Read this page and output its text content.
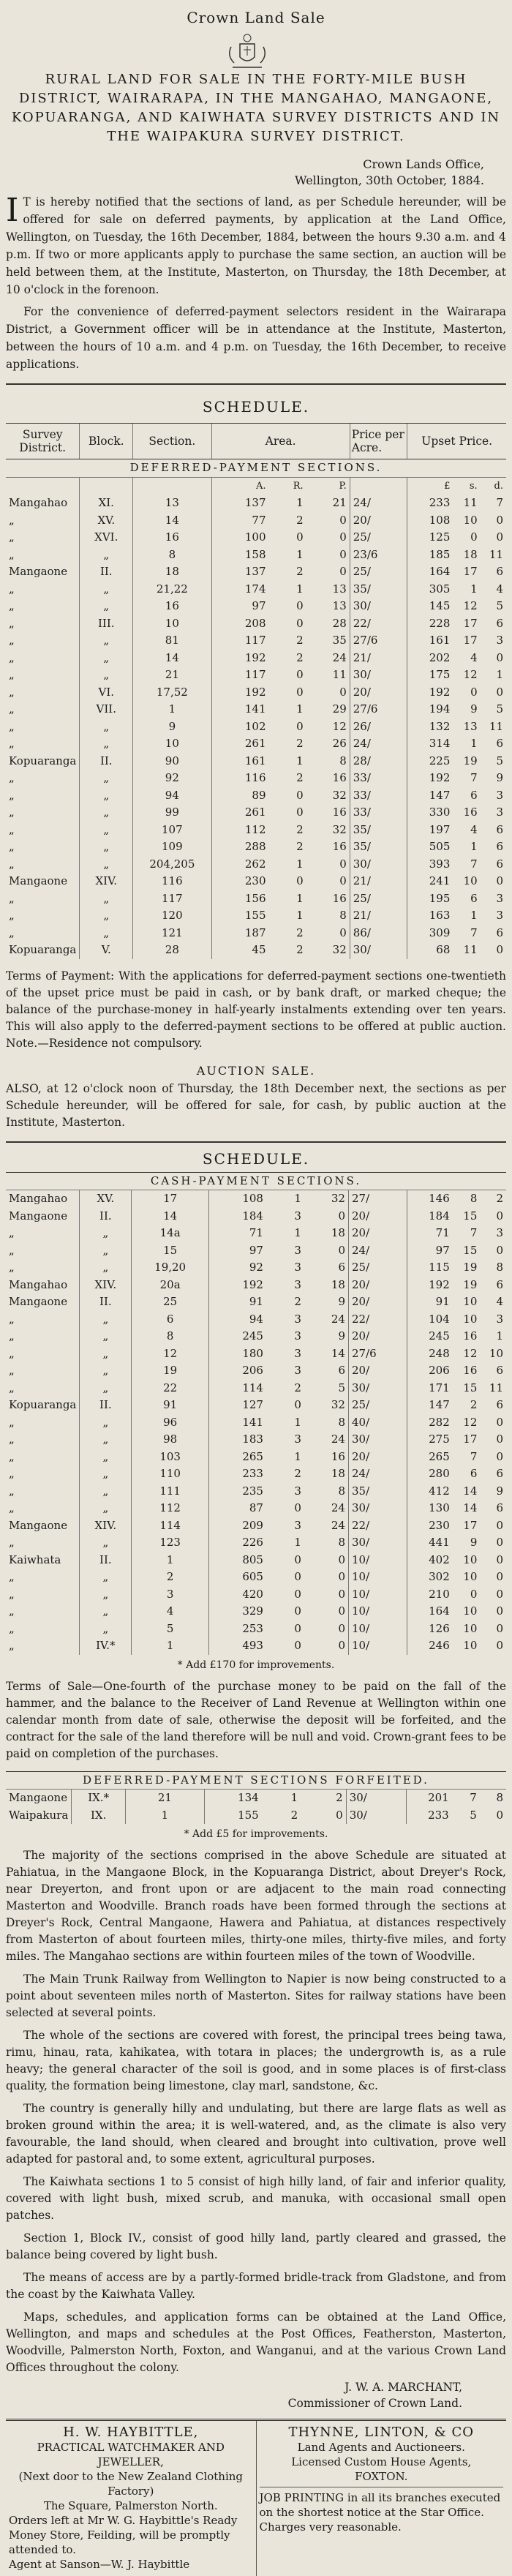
Crown Land Sale
RURAL LAND FOR SALE IN THE FORTY-MILE BUSH DISTRICT, WAIRARAPA, IN THE MANGAHAO, MANGAONE, KOPUARANGA, AND KAIWHATA SURVEY DISTRICTS AND IN THE WAIPAKURA SURVEY DISTRICT.
Crown Lands Office,
Wellington, 30th October, 1884.
I T is hereby notified that the sections of land, as per Schedule hereunder, will be offered for sale on deferred payments, by application at the Land Office, Wellington, on Tuesday, the 16th December, 1884, between the hours 9.30 a.m. and 4 p.m. If two or more applicants apply to purchase the same section, an auction will be held between them, at the Institute, Masterton, on Thursday, the 18th December, at 10 o'clock in the forenoon.
For the convenience of deferred-payment selectors resident in the Wairarapa District, a Government officer will be in attendance at the Institute, Masterton, between the hours of 10 a.m. and 4 p.m. on Tuesday, the 16th December, to receive applications.
SCHEDULE.
Survey District.	Block.	Section.	Area.	Price per Acre.	Upset Price.
DEFERRED-PAYMENT SECTIONS.					

			A. R. P.		£ s. d.

Mangahao	XI.	13	137 1 21	24/	233 11 7

„	XV.	14	77 2 0	20/	108 10 0

„	XVI.	16	100 0 0	25/	125 0 0

„	„	8	158 1 0	23/6	185 18 11

Mangaone	II.	18	137 2 0	25/	164 17 6

„	„	21,22	174 1 13	35/	305 1 4

„	„	16	97 0 13	30/	145 12 5

„	III.	10	208 0 28	22/	228 17 6

„	„	81	117 2 35	27/6	161 17 3

„	„	14	192 2 24	21/	202 4 0

„	„	21	117 0 11	30/	175 12 1

„	VI.	17,52	192 0 0	20/	192 0 0

„	VII.	1	141 1 29	27/6	194 9 5

„	„	9	102 0 12	26/	132 13 11

„	„	10	261 2 26	24/	314 1 6

Kopuaranga	II.	90	161 1 8	28/	225 19 5

„	„	92	116 2 16	33/	192 7 9

„	„	94	89 0 32	33/	147 6 3

„	„	99	261 0 16	33/	330 16 3

„	„	107	112 2 32	35/	197 4 6

„	„	109	288 2 16	35/	505 1 6

„	„	204,205	262 1 0	30/	393 7 6

Mangaone	XIV.	116	230 0 0	21/	241 10 0

„	„	117	156 1 16	25/	195 6 3

„	„	120	155 1 8	21/	163 1 3

„	„	121	187 2 0	86/	309 7 6

Kopuaranga	V.	28	45 2 32	30/	68 11 0
Terms of Payment: With the applications for deferred-payment sections one-twentieth of the upset price must be paid in cash, or by bank draft, or marked cheque; the balance of the purchase-money in half-yearly instalments extending over ten years. This will also apply to the deferred-payment sections to be offered at public auction. Note.—Residence not compulsory.
AUCTION SALE.
ALSO, at 12 o'clock noon of Thursday, the 18th December next, the sections as per Schedule hereunder, will be offered for sale, for cash, by public auction at the Institute, Masterton.
SCHEDULE.
CASH-PAYMENT SECTIONS.					
Mangahao	XV.	17	108 1 32	27/	146 8 2

Mangaone	II.	14	184 3 0	20/	184 15 0

„	„	14a	71 1 18	20/	71 7 3

„	„	15	97 3 0	24/	97 15 0

„	„	19,20	92 3 6	25/	115 19 8

Mangahao	XIV.	20a	192 3 18	20/	192 19 6

Mangaone	II.	25	91 2 9	20/	91 10 4

„	„	6	94 3 24	22/	104 10 3

„	„	8	245 3 9	20/	245 16 1

„	„	12	180 3 14	27/6	248 12 10

„	„	19	206 3 6	20/	206 16 6

„	„	22	114 2 5	30/	171 15 11

Kopuaranga	II.	91	127 0 32	25/	147 2 6

„	„	96	141 1 8	40/	282 12 0

„	„	98	183 3 24	30/	275 17 0

„	„	103	265 1 16	20/	265 7 0

„	„	110	233 2 18	24/	280 6 6

„	„	111	235 3 8	35/	412 14 9

„	„	112	87 0 24	30/	130 14 6

Mangaone	XIV.	114	209 3 24	22/	230 17 0

„	„	123	226 1 8	30/	441 9 0

Kaiwhata	II.	1	805 0 0	10/	402 10 0

„	„	2	605 0 0	10/	302 10 0

„	„	3	420 0 0	10/	210 0 0

„	„	4	329 0 0	10/	164 10 0

„	„	5	253 0 0	10/	126 10 0

„	IV.*	1	493 0 0	10/	246 10 0
* Add £170 for improvements.
Terms of Sale—One-fourth of the purchase money to be paid on the fall of the hammer, and the balance to the Receiver of Land Revenue at Wellington within one calendar month from date of sale, otherwise the deposit will be forfeited, and the contract for the sale of the land therefore will be null and void. Crown-grant fees to be paid on completion of the purchases.
DEFERRED-PAYMENT SECTIONS FORFEITED.					
Mangaone	IX.*	21	134 1 2	30/	201 7 8

Waipakura	IX.	1	155 2 0	30/	233 5 0
* Add £5 for improvements.
The majority of the sections comprised in the above Schedule are situated at Pahiatua, in the Mangaone Block, in the Kopuaranga District, about Dreyer's Rock, near Dreyerton, and front upon or are adjacent to the main road connecting Masterton and Woodville. Branch roads have been formed through the sections at Dreyer's Rock, Central Mangaone, Hawera and Pahiatua, at distances respectively from Masterton of about fourteen miles, thirty-one miles, thirty-five miles, and forty miles. The Mangahao sections are within fourteen miles of the town of Woodville.
The Main Trunk Railway from Wellington to Napier is now being constructed to a point about seventeen miles north of Masterton. Sites for railway stations have been selected at several points.
The whole of the sections are covered with forest, the principal trees being tawa, rimu, hinau, rata, kahikatea, with totara in places; the undergrowth is, as a rule heavy; the general character of the soil is good, and in some places is of first-class quality, the formation being limestone, clay marl, sandstone, &c.
The country is generally hilly and undulating, but there are large flats as well as broken ground within the area; it is well-watered, and, as the climate is also very favourable, the land should, when cleared and brought into cultivation, prove well adapted for pastoral and, to some extent, agricultural purposes.
The Kaiwhata sections 1 to 5 consist of high hilly land, of fair and inferior quality, covered with light bush, mixed scrub, and manuka, with occasional small open patches.
Section 1, Block IV., consist of good hilly land, partly cleared and grassed, the balance being covered by light bush.
The means of access are by a partly-formed bridle-track from Gladstone, and from the coast by the Kaiwhata Valley.
Maps, schedules, and application forms can be obtained at the Land Office, Wellington, and maps and schedules at the Post Offices, Featherston, Masterton, Woodville, Palmerston North, Foxton, and Wanganui, and at the various Crown Land Offices throughout the colony.
J. W. A. MARCHANT,
Commissioner of Crown Land.
H. W. HAYBITTLE,
PRACTICAL WATCHMAKER AND JEWELLER,
(Next door to the New Zealand Clothing Factory)
The Square, Palmerston North.
Orders left at Mr W. G. Haybittle's Ready Money Store, Feilding, will be promptly attended to.
Agent at Sanson—W. J. Haybittle
THYNNE, LINTON, & CO
Land Agents and Auctioneers.
Licensed Custom House Agents,
FOXTON.
JOB PRINTING in all its branches executed on the shortest notice at the Star Office. Charges very reasonable.
